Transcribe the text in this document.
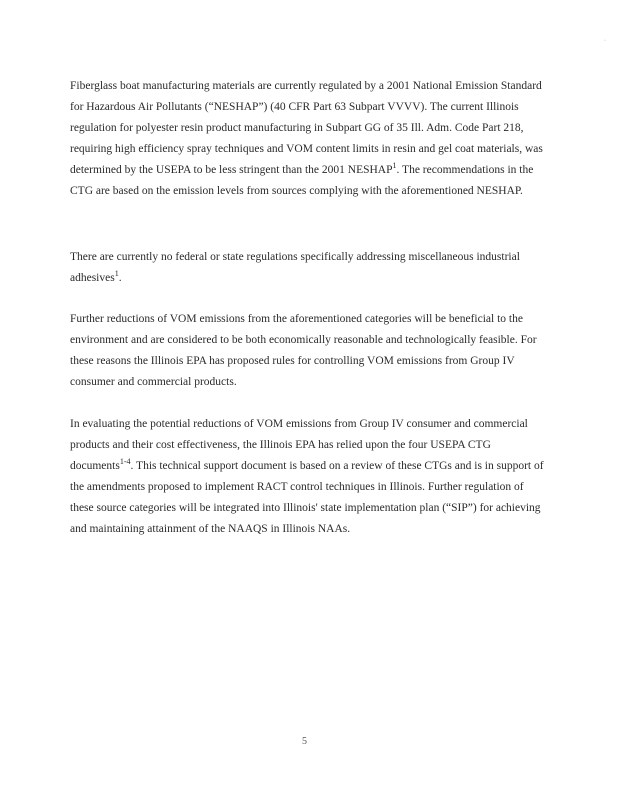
Fiberglass boat manufacturing materials are currently regulated by a 2001 National Emission Standard for Hazardous Air Pollutants (“NESHAP”) (40 CFR Part 63 Subpart VVVV). The current Illinois regulation for polyester resin product manufacturing in Subpart GG of 35 Ill. Adm. Code Part 218, requiring high efficiency spray techniques and VOM content limits in resin and gel coat materials, was determined by the USEPA to be less stringent than the 2001 NESHAP$^1$. The recommendations in the CTG are based on the emission levels from sources complying with the aforementioned NESHAP.

There are currently no federal or state regulations specifically addressing miscellaneous industrial adhesives$^1$.

Further reductions of VOM emissions from the aforementioned categories will be beneficial to the environment and are considered to be both economically reasonable and technologically feasible. For these reasons the Illinois EPA has proposed rules for controlling VOM emissions from Group IV consumer and commercial products.

In evaluating the potential reductions of VOM emissions from Group IV consumer and commercial products and their cost effectiveness, the Illinois EPA has relied upon the four USEPA CTG documents$^{1-4}$. This technical support document is based on a review of these CTGs and is in support of the amendments proposed to implement RACT control techniques in Illinois. Further regulation of these source categories will be integrated into Illinois' state implementation plan (“SIP”) for achieving and maintaining attainment of the NAAQS in Illinois NAAs.

5
·
